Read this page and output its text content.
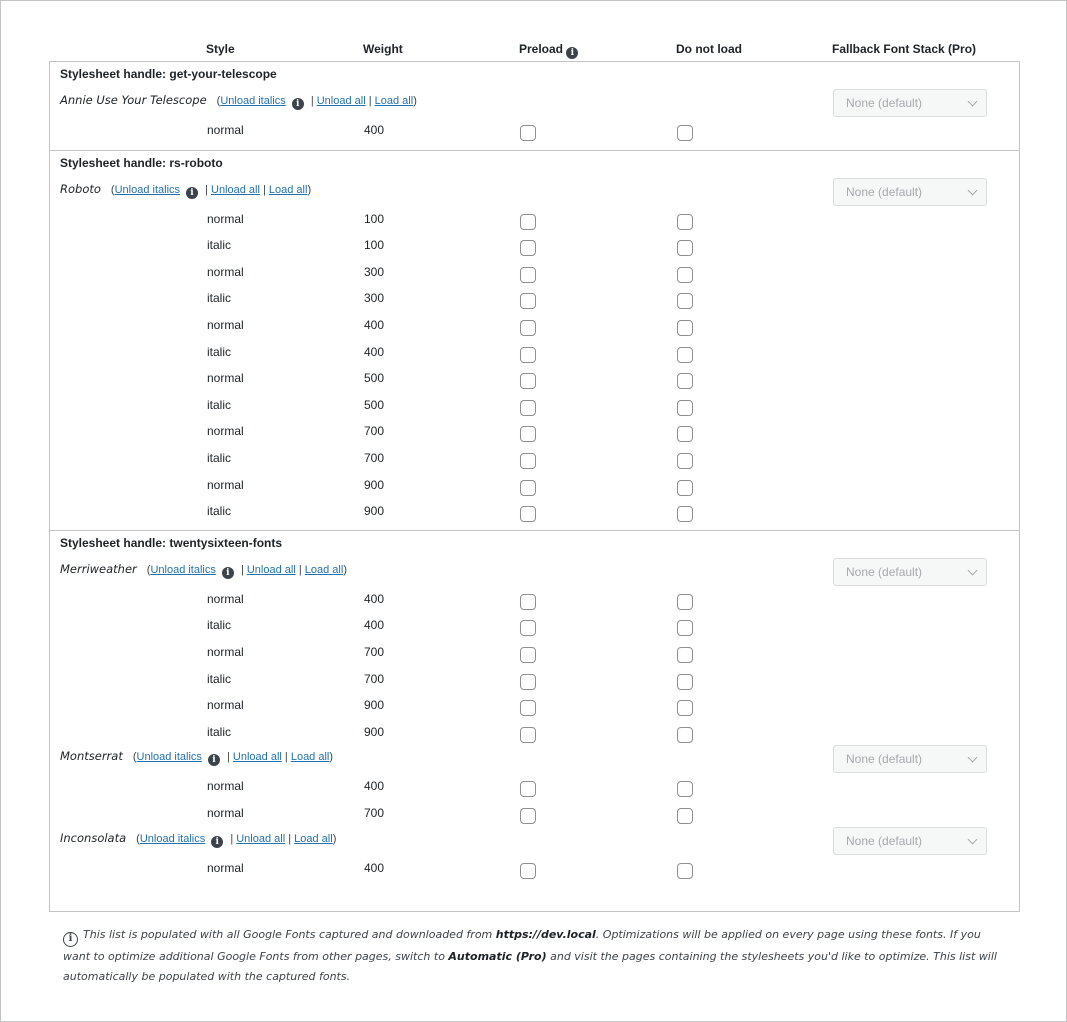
Style	Weight	Preload i	Do not load	Fallback Font Stack (Pro)
Stylesheet handle: get-your-telescope
Annie Use Your Telescope (Unload italics i | Unload all | Load all)	None (default)
normal	400
Stylesheet handle: rs-roboto
Roboto (Unload italics i | Unload all | Load all)	None (default)
normal	100
italic	100
normal	300
italic	300
normal	400
italic	400
normal	500
italic	500
normal	700
italic	700
normal	900
italic	900
Stylesheet handle: twentysixteen-fonts
Merriweather (Unload italics i | Unload all | Load all)	None (default)
normal	400
italic	400
normal	700
italic	700
normal	900
italic	900
Montserrat (Unload italics i | Unload all | Load all)	None (default)
normal	400
normal	700
Inconsolata (Unload italics i | Unload all | Load all)	None (default)
normal	400
i This list is populated with all Google Fonts captured and downloaded from https://dev.local. Optimizations will be applied on every page using these fonts. If you want to optimize additional Google Fonts from other pages, switch to Automatic (Pro) and visit the pages containing the stylesheets you'd like to optimize. This list will automatically be populated with the captured fonts.
